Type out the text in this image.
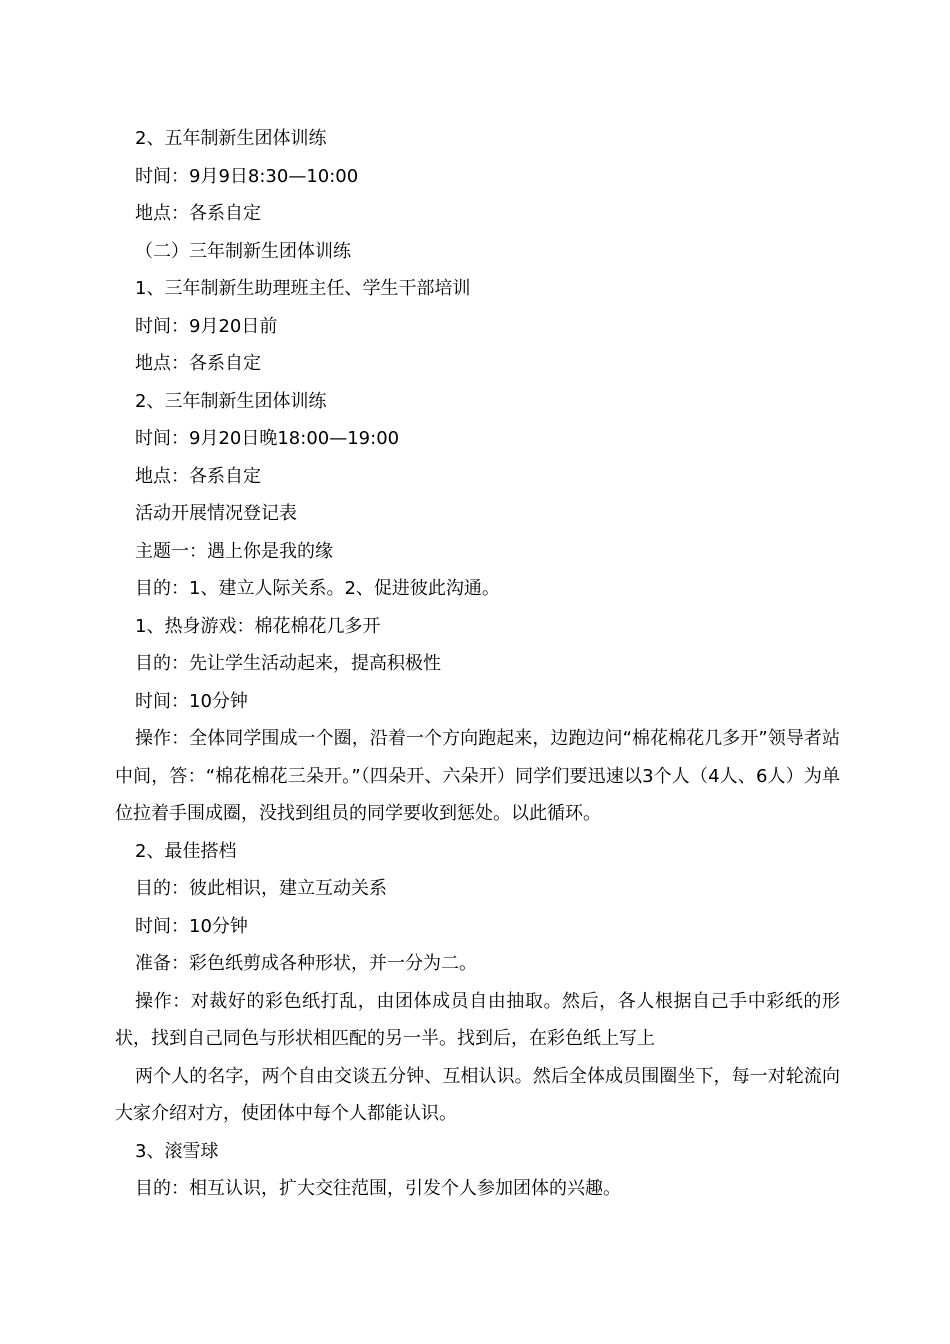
2、五年制新生团体训练
时间：9月9日8:30—10:00
地点：各系自定
（二）三年制新生团体训练
1、三年制新生助理班主任、学生干部培训
时间：9月20日前
地点：各系自定
2、三年制新生团体训练
时间：9月20日晚18:00—19:00
地点：各系自定
活动开展情况登记表
主题一：遇上你是我的缘
目的：1、建立人际关系。2、促进彼此沟通。
1、热身游戏：棉花棉花几多开
目的：先让学生活动起来，提高积极性
时间：10分钟
操作：全体同学围成一个圈，沿着一个方向跑起来，边跑边问“棉花棉花几多开”领导者站中间，答：“棉花棉花三朵开。”（四朵开、六朵开）同学们要迅速以3个人（4人、6人）为单位拉着手围成圈，没找到组员的同学要收到惩处。以此循环。
2、最佳搭档
目的：彼此相识，建立互动关系
时间：10分钟
准备：彩色纸剪成各种形状，并一分为二。
操作：对裁好的彩色纸打乱，由团体成员自由抽取。然后，各人根据自己手中彩纸的形状，找到自己同色与形状相匹配的另一半。找到后，在彩色纸上写上
两个人的名字，两个自由交谈五分钟、互相认识。然后全体成员围圈坐下，每一对轮流向大家介绍对方，使团体中每个人都能认识。
3、滚雪球
目的：相互认识，扩大交往范围，引发个人参加团体的兴趣。
